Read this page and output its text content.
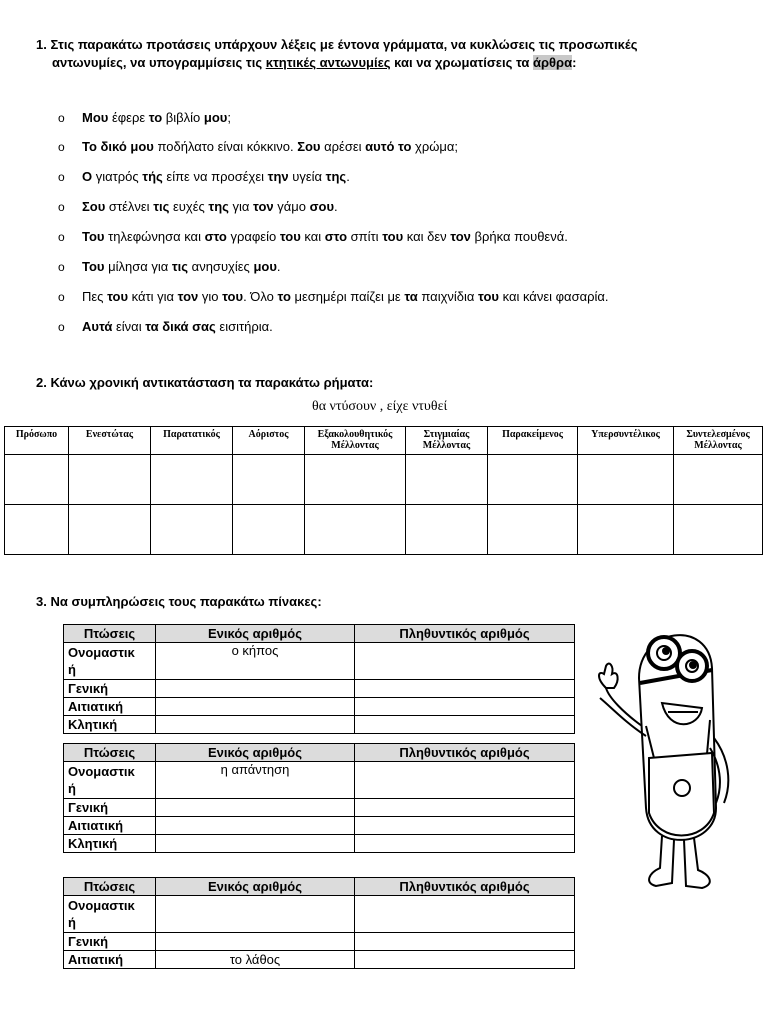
1. Στις παρακάτω προτάσεις υπάρχουν λέξεις με έντονα γράμματα, να κυκλώσεις τις προσωπικές
αντωνυμίες, να υπογραμμίσεις τις κτητικές αντωνυμίες και να χρωματίσεις τα άρθρα:
o Μου έφερε το βιβλίο μου;
o Το δικό μου ποδήλατο είναι κόκκινο. Σου αρέσει αυτό το χρώμα;
o Ο γιατρός τής είπε να προσέχει την υγεία της.
o Σου στέλνει τις ευχές της για τον γάμο σου.
o Του τηλεφώνησα και στο γραφείο του και στο σπίτι του και δεν τον βρήκα πουθενά.
o Του μίλησα για τις ανησυχίες μου.
o Πες του κάτι για τον γιο του. Όλο το μεσημέρι παίζει με τα παιχνίδια του και κάνει φασαρία.
o Αυτά είναι τα δικά σας εισιτήρια.
2. Κάνω χρονική αντικατάσταση τα παρακάτω ρήματα:
θα ντύσουν , είχε ντυθεί
Πρόσωπο	Ενεστώτας	Παρατατικός	Αόριστος	Εξακολουθητικός Μέλλοντας	Στιγμιαίας Μέλλοντας	Παρακείμενος	Υπερσυντέλικος	Συντελεσμένος Μέλλοντας

3. Να συμπληρώσεις τους παρακάτω πίνακες:
Πτώσεις	Ενικός αριθμός	Πληθυντικός αριθμός
Ονομαστικ
ή	ο κήπος	
Γενική		
Αιτιατική		
Κλητική		
Πτώσεις	Ενικός αριθμός	Πληθυντικός αριθμός
Ονομαστικ
ή	η απάντηση	
Γενική		
Αιτιατική		
Κλητική		
Πτώσεις	Ενικός αριθμός	Πληθυντικός αριθμός
Ονομαστικ
ή		
Γενική		
Αιτιατική	το λάθος	
